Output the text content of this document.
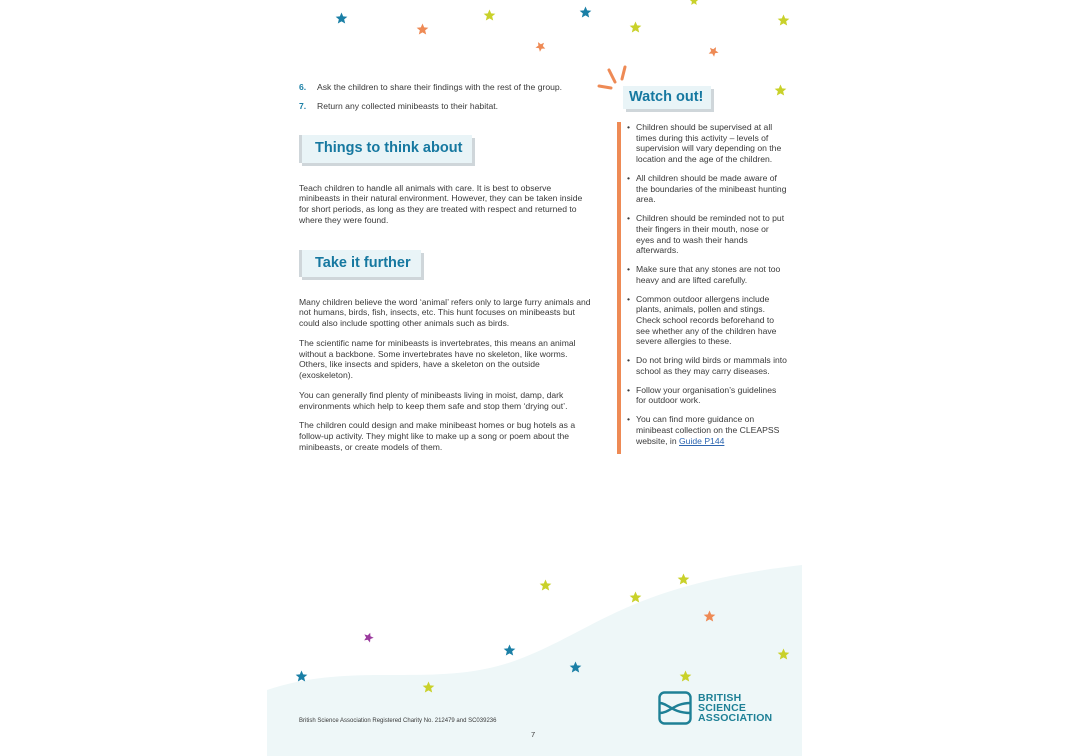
6.	Ask the children to share their findings with the rest of the group.
7.	Return any collected minibeasts to their habitat.
Things to think about

Teach children to handle all animals with care. It is best to observe minibeasts in their natural environment. However, they can be taken inside for short periods, as long as they are treated with respect and returned to where they were found.

Take it further

Many children believe the word ‘animal’ refers only to large furry animals and not humans, birds, fish, insects, etc. This hunt focuses on minibeasts but could also include spotting other animals such as birds.

The scientific name for minibeasts is invertebrates, this means an animal without a backbone. Some invertebrates have no skeleton, like worms. Others, like insects and spiders, have a skeleton on the outside (exoskeleton).

You can generally find plenty of minibeasts living in moist, damp, dark environments which help to keep them safe and stop them ‘drying out’.

The children could design and make minibeast homes or bug hotels as a follow-up activity. They might like to make up a song or poem about the minibeasts, or create models of them.

Watch out!
• Children should be supervised at all times during this activity – levels of supervision will vary depending on the location and the age of the children.
• All children should be made aware of the boundaries of the minibeast hunting area.
• Children should be reminded not to put their fingers in their mouth, nose or eyes and to wash their hands afterwards.
• Make sure that any stones are not too heavy and are lifted carefully.
• Common outdoor allergens include plants, animals, pollen and stings. Check school records beforehand to see whether any of the children have severe allergies to these.
• Do not bring wild birds or mammals into school as they may carry diseases.
• Follow your organisation’s guidelines for outdoor work.
• You can find more guidance on minibeast collection on the CLEAPSS website, in Guide P144
British Science Association Registered Charity No. 212479 and SC039236
7
BRITISH
SCIENCE
ASSOCIATION
